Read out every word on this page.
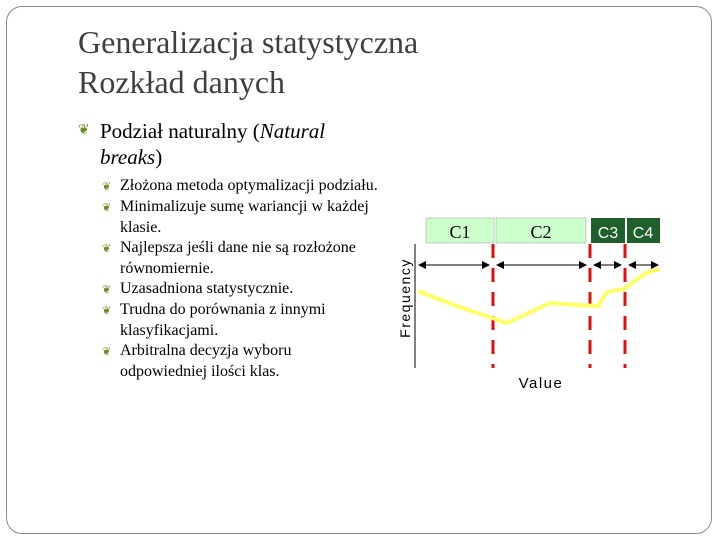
Generalizacja statystyczna
Rozkład danych
❦ Podział naturalny (Natural breaks)
❦ Złożona metoda optymalizacji podziału.
❦ Minimalizuje sumę wariancji w każdej klasie.
❦ Najlepsza jeśli dane nie są rozłożone równomiernie.
❦ Uzasadniona statystycznie.
❦ Trudna do porównania z innymi klasyfikacjami.
❦ Arbitralna decyzja wyboru odpowiedniej ilości klas.
C1	C2	C3 C4
Frequency
Value
